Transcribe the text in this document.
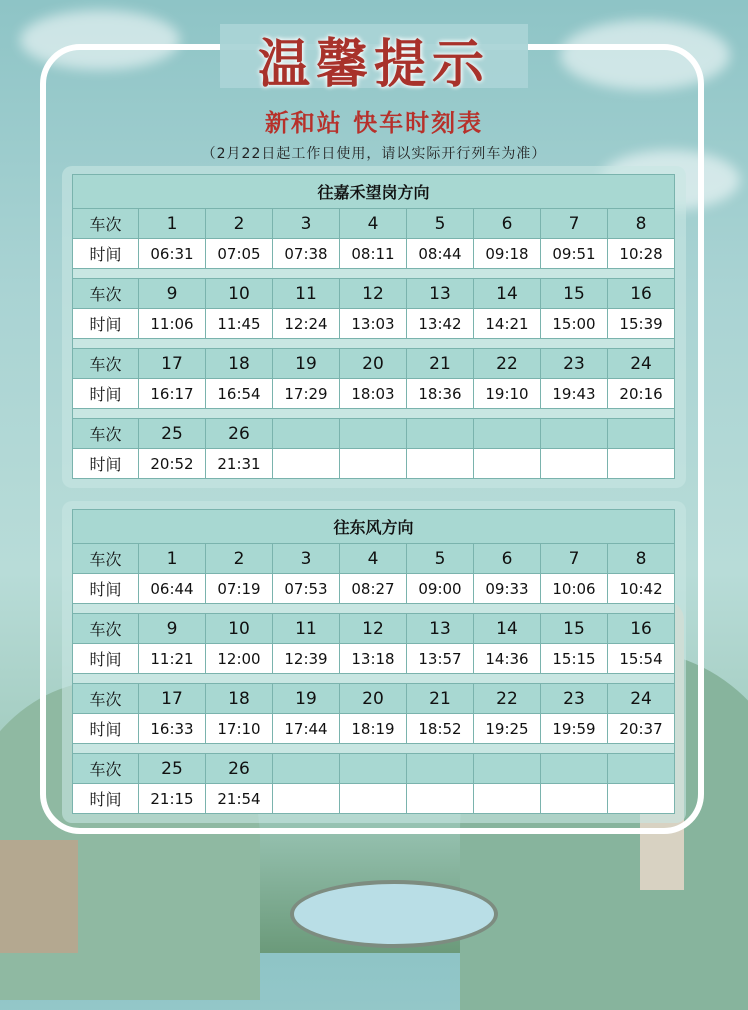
温馨提示
新和站 快车时刻表
（2月22日起工作日使用，请以实际开行列车为准）
往嘉禾望岗方向								
车次	1	2	3	4	5	6	7	8
时间	06:31	07:05	07:38	08:11	08:44	09:18	09:51	10:28

车次	9	10	11	12	13	14	15	16
时间	11:06	11:45	12:24	13:03	13:42	14:21	15:00	15:39

车次	17	18	19	20	21	22	23	24
时间	16:17	16:54	17:29	18:03	18:36	19:10	19:43	20:16

车次	25	26						
时间	20:52	21:31						
往东风方向								
车次	1	2	3	4	5	6	7	8
时间	06:44	07:19	07:53	08:27	09:00	09:33	10:06	10:42

车次	9	10	11	12	13	14	15	16
时间	11:21	12:00	12:39	13:18	13:57	14:36	15:15	15:54

车次	17	18	19	20	21	22	23	24
时间	16:33	17:10	17:44	18:19	18:52	19:25	19:59	20:37

车次	25	26						
时间	21:15	21:54						
